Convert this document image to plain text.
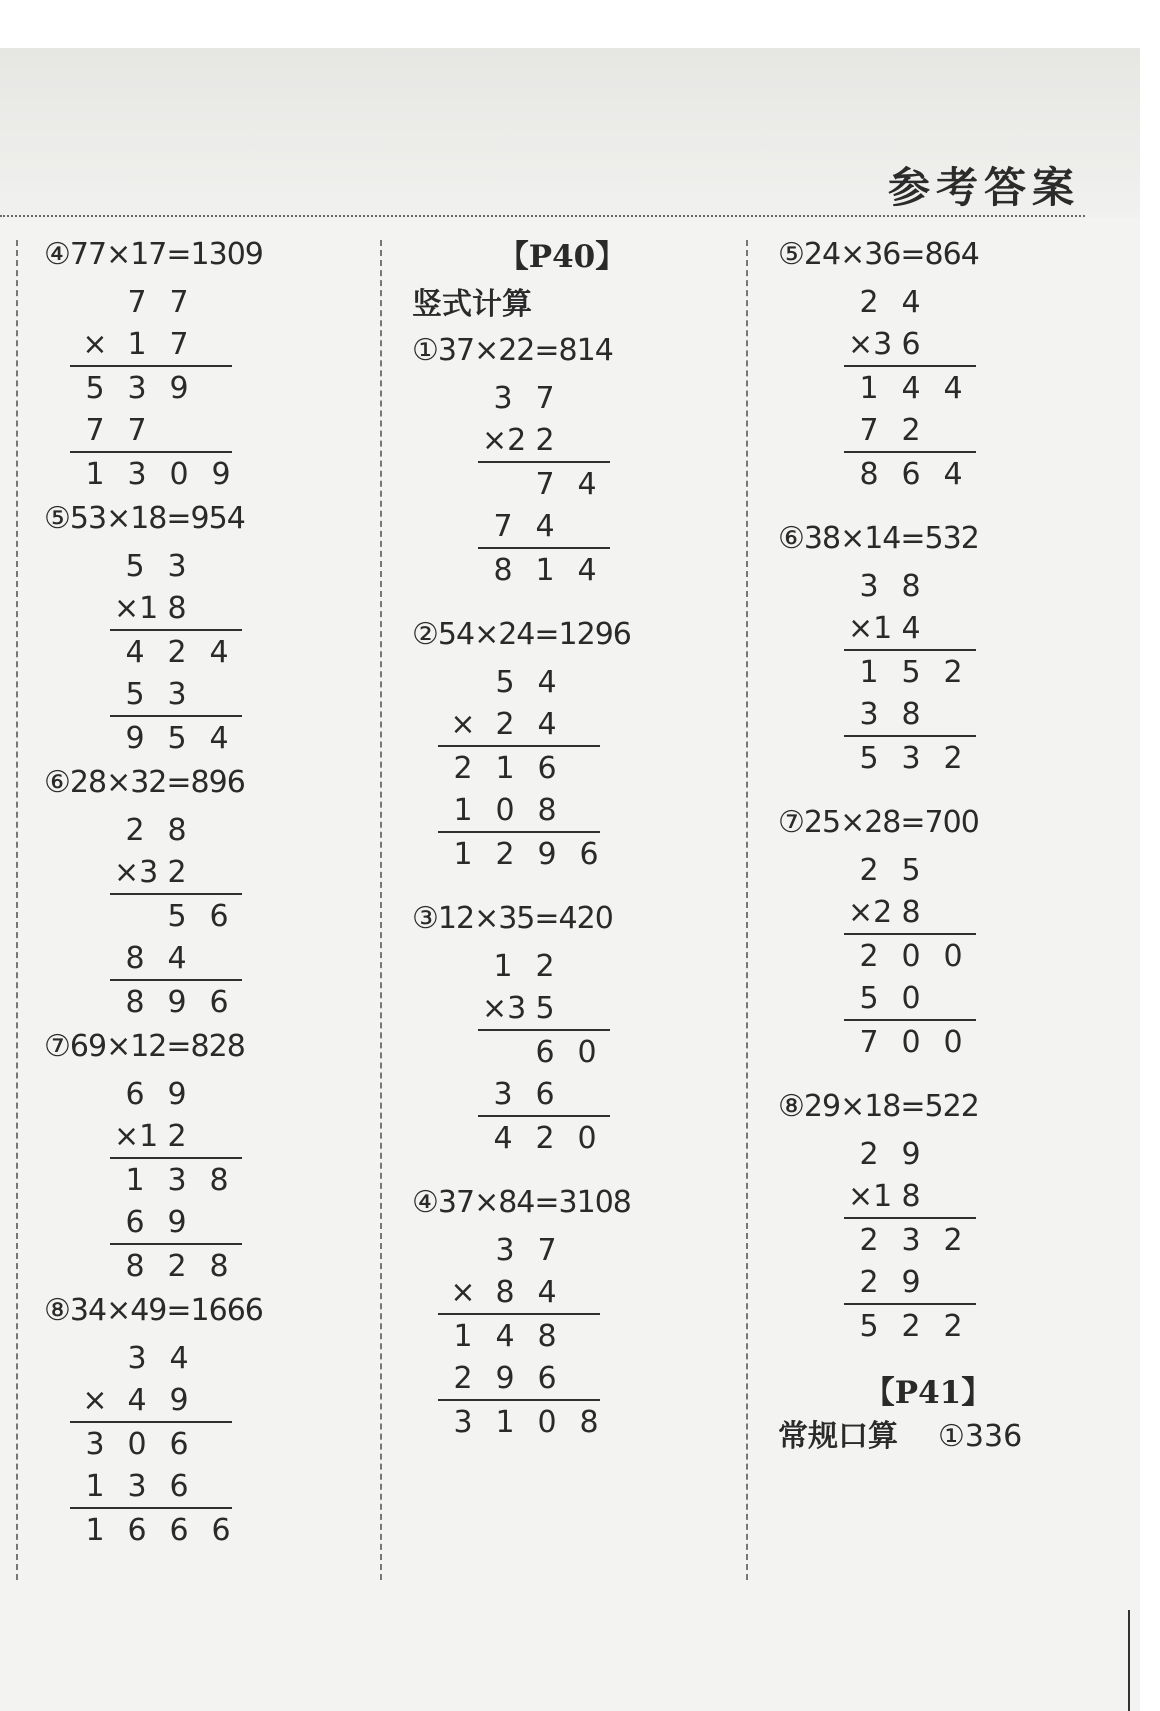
参考答案
④77×17=1309
7 7
× 1 7
5 3 9
7 7
1 3 0 9
⑤53×18=954
5 3
×1 8
4 2 4
5 3
9 5 4
⑥28×32=896
2 8
×3 2
5 6
8 4
8 9 6
⑦69×12=828
6 9
×1 2
1 3 8
6 9
8 2 8
⑧34×49=1666
3 4
× 4 9
3 0 6
1 3 6
1 6 6 6
【P40】
竖式计算
①37×22=814
3 7
×2 2
7 4
7 4
8 1 4
②54×24=1296
5 4
× 2 4
2 1 6
1 0 8
1 2 9 6
③12×35=420
1 2
×3 5
6 0
3 6
4 2 0
④37×84=3108
3 7
× 8 4
1 4 8
2 9 6
3 1 0 8
⑤24×36=864
2 4
×3 6
1 4 4
7 2
8 6 4
⑥38×14=532
3 8
×1 4
1 5 2
3 8
5 3 2
⑦25×28=700
2 5
×2 8
2 0 0
5 0
7 0 0
⑧29×18=522
2 9
×1 8
2 3 2
2 9
5 2 2
【P41】
常规口算 ①336
